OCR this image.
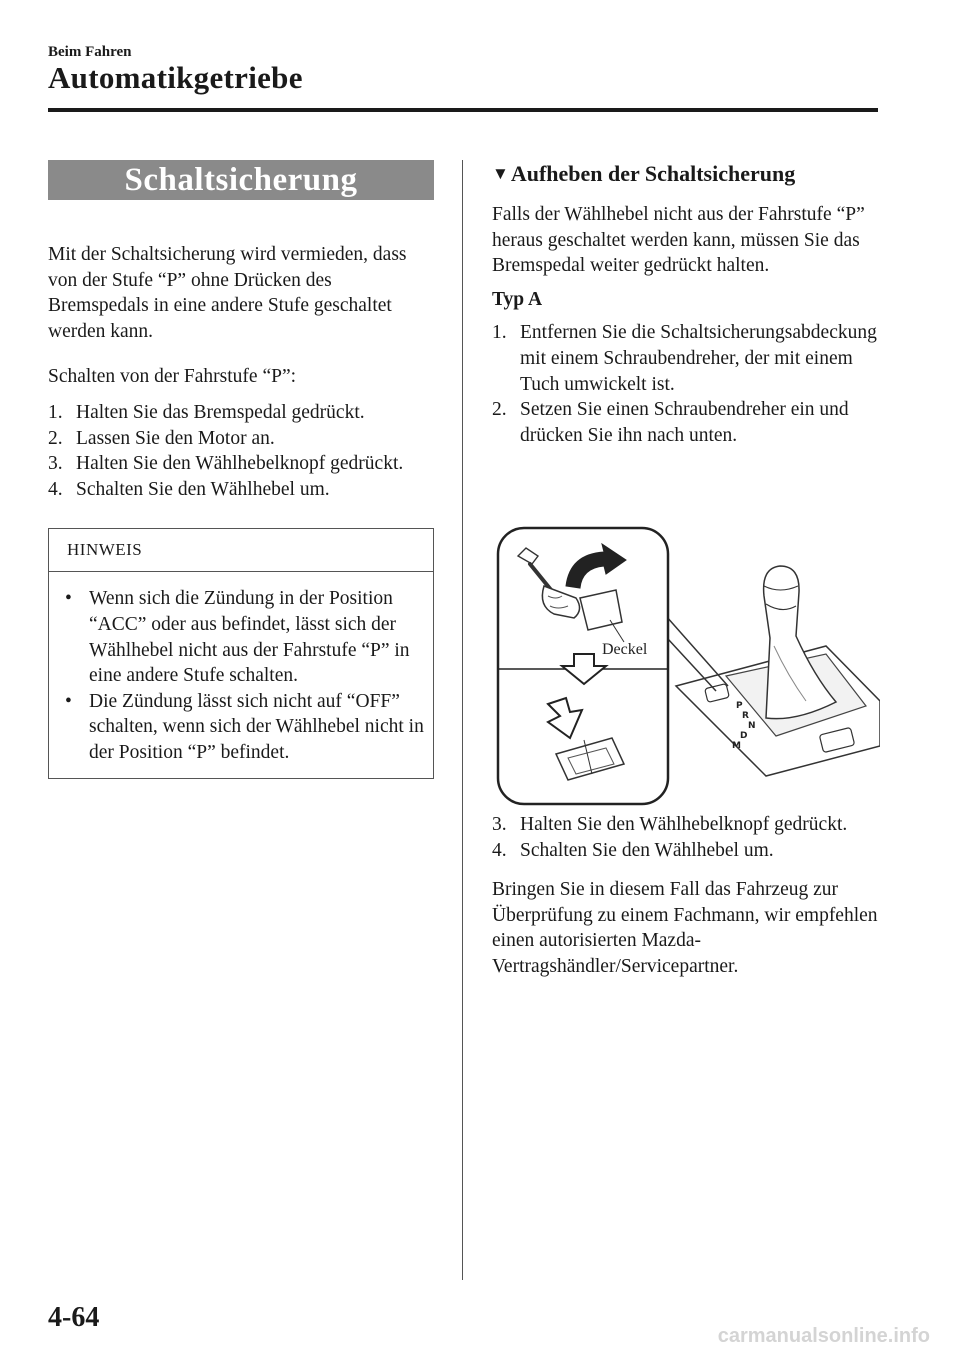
Beim Fahren
Automatikgetriebe
Schaltsicherung

Mit der Schaltsicherung wird vermieden, dass von der Stufe “P” ohne Drücken des Bremspedals in eine andere Stufe geschaltet werden kann.

Schalten von der Fahrstufe “P”:

1. Halten Sie das Bremspedal gedrückt.
2. Lassen Sie den Motor an.
3. Halten Sie den Wählhebelknopf gedrückt.
4. Schalten Sie den Wählhebel um.
HINWEIS
• Wenn sich die Zündung in der Position “ACC” oder aus befindet, lässt sich der Wählhebel nicht aus der Fahrstufe “P” in eine andere Stufe schalten.
• Die Zündung lässt sich nicht auf “OFF” schalten, wenn sich der Wählhebel nicht in der Position “P” befindet.
▼Aufheben der Schaltsicherung

Falls der Wählhebel nicht aus der Fahrstufe “P” heraus geschaltet werden kann, müssen Sie das Bremspedal weiter gedrückt halten.

Typ A
1. Entfernen Sie die Schaltsicherungsabdeckung mit einem Schraubendreher, der mit einem Tuch umwickelt ist.
2. Setzen Sie einen Schraubendreher ein und drücken Sie ihn nach unten.
P
R
N
D
M
Deckel
3. Halten Sie den Wählhebelknopf gedrückt.
4. Schalten Sie den Wählhebel um.

Bringen Sie in diesem Fall das Fahrzeug zur Überprüfung zu einem Fachmann, wir empfehlen einen autorisierten Mazda-Vertragshändler/Servicepartner.

4-64
carmanualsonline.info
